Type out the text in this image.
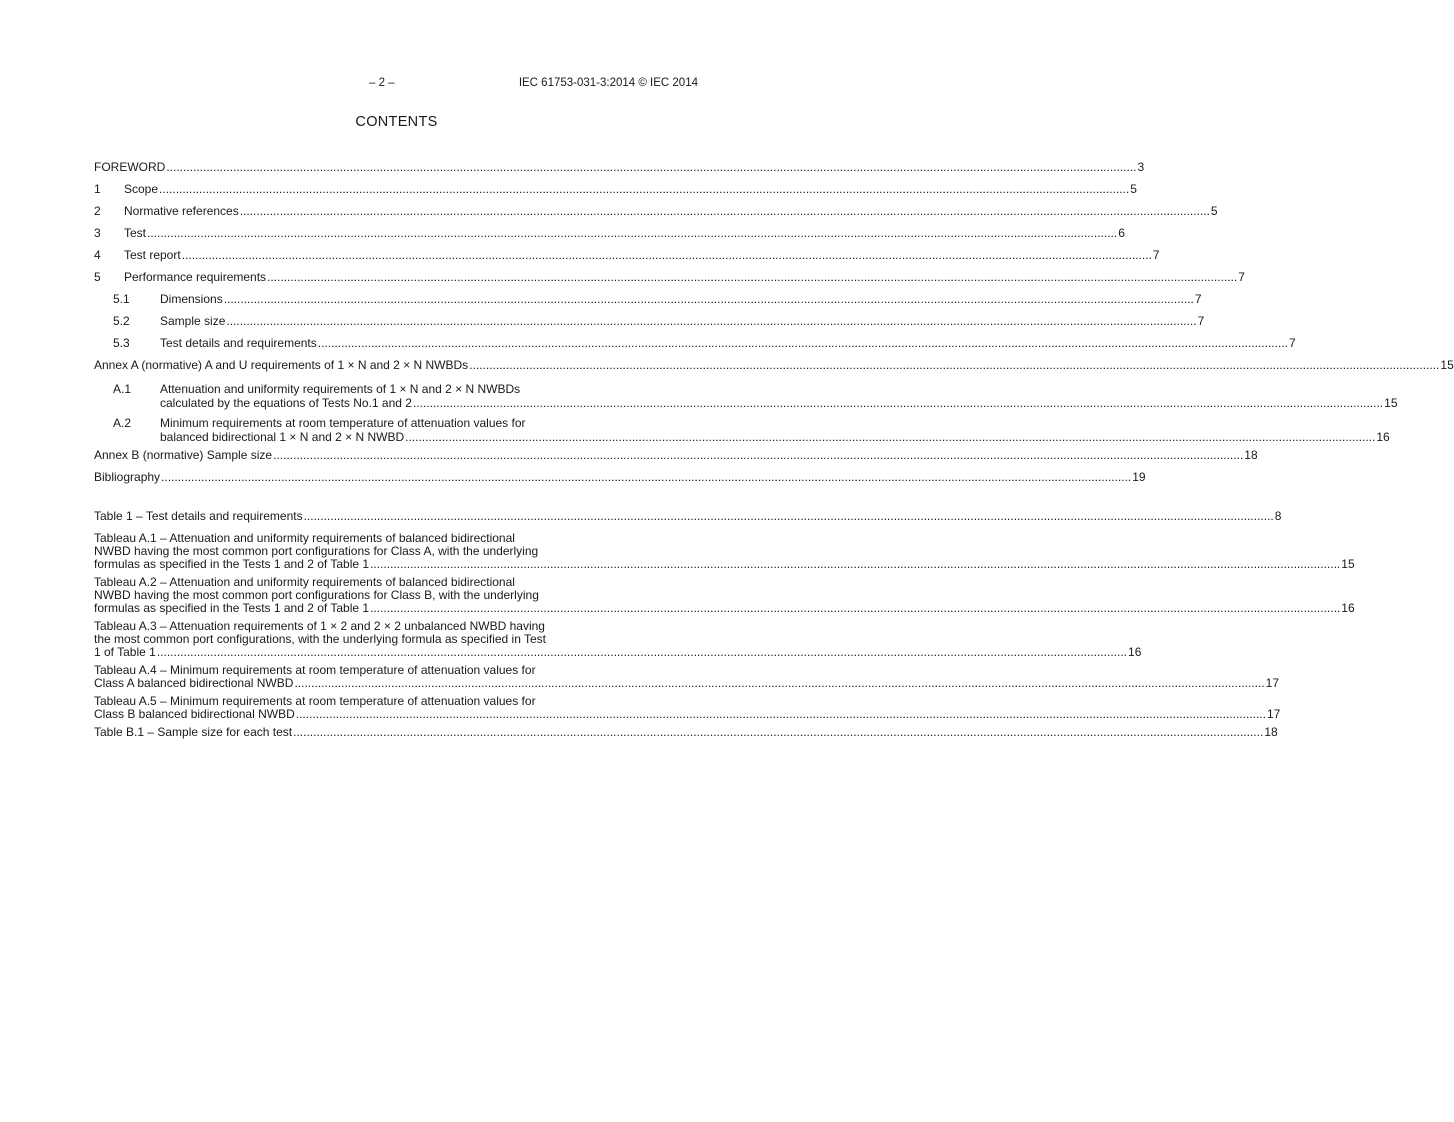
– 2 –	IEC 61753-031-3:2014 © IEC 2014
CONTENTS
FOREWORD .....	3
1	Scope .....	5
2	Normative references .....	5
3	Test .....	6
4	Test report .....	7
5	Performance requirements .....	7
5.1	Dimensions .....	7
5.2	Sample size .....	7
5.3	Test details and requirements .....	7
Annex A (normative) A and U requirements of 1 × N and 2 × N NWBDs .....	15
A.1	Attenuation and uniformity requirements of 1 × N and 2 × N NWBDs
calculated by the equations of Tests No.1 and 2 .....	15
A.2	Minimum requirements at room temperature of attenuation values for
balanced bidirectional 1 × N and 2 × N NWBD .....	16
Annex B (normative) Sample size .....	18
Bibliography .....	19
Table 1 – Test details and requirements .....	8
Tableau A.1 – Attenuation and uniformity requirements of balanced bidirectional
NWBD having the most common port configurations for Class A, with the underlying
formulas as specified in the Tests 1 and 2 of Table 1 .....	15
Tableau A.2 – Attenuation and uniformity requirements of balanced bidirectional
NWBD having the most common port configurations for Class B, with the underlying
formulas as specified in the Tests 1 and 2 of Table 1 .....	16
Tableau A.3 – Attenuation requirements of 1 × 2 and 2 × 2 unbalanced NWBD having
the most common port configurations, with the underlying formula as specified in Test
1 of Table 1 .....	16
Tableau A.4 – Minimum requirements at room temperature of attenuation values for
Class A balanced bidirectional NWBD .....	17
Tableau A.5 – Minimum requirements at room temperature of attenuation values for
Class B balanced bidirectional NWBD .....	17
Table B.1 – Sample size for each test .....	18
